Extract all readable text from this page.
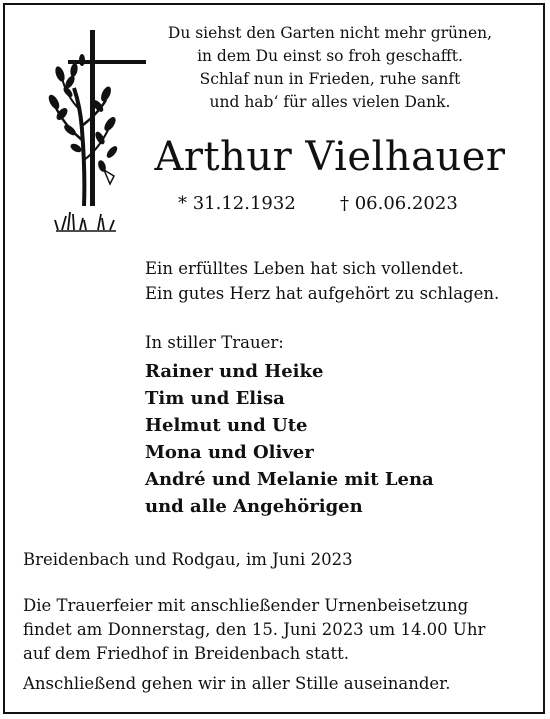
Du siehst den Garten nicht mehr grünen,
in dem Du einst so froh geschafft.
Schlaf nun in Frieden, ruhe sanft
und hab‘ für alles vielen Dank.
Arthur Vielhauer
* 31.12.1932 † 06.06.2023
Ein erfülltes Leben hat sich vollendet.
Ein gutes Herz hat aufgehört zu schlagen.
In stiller Trauer:
Rainer und Heike
Tim und Elisa
Helmut und Ute
Mona und Oliver
André und Melanie mit Lena
und alle Angehörigen
Breidenbach und Rodgau, im Juni 2023
Die Trauerfeier mit anschließender Urnenbeisetzung
findet am Donnerstag, den 15. Juni 2023 um 14.00 Uhr
auf dem Friedhof in Breidenbach statt.
Anschließend gehen wir in aller Stille auseinander.
